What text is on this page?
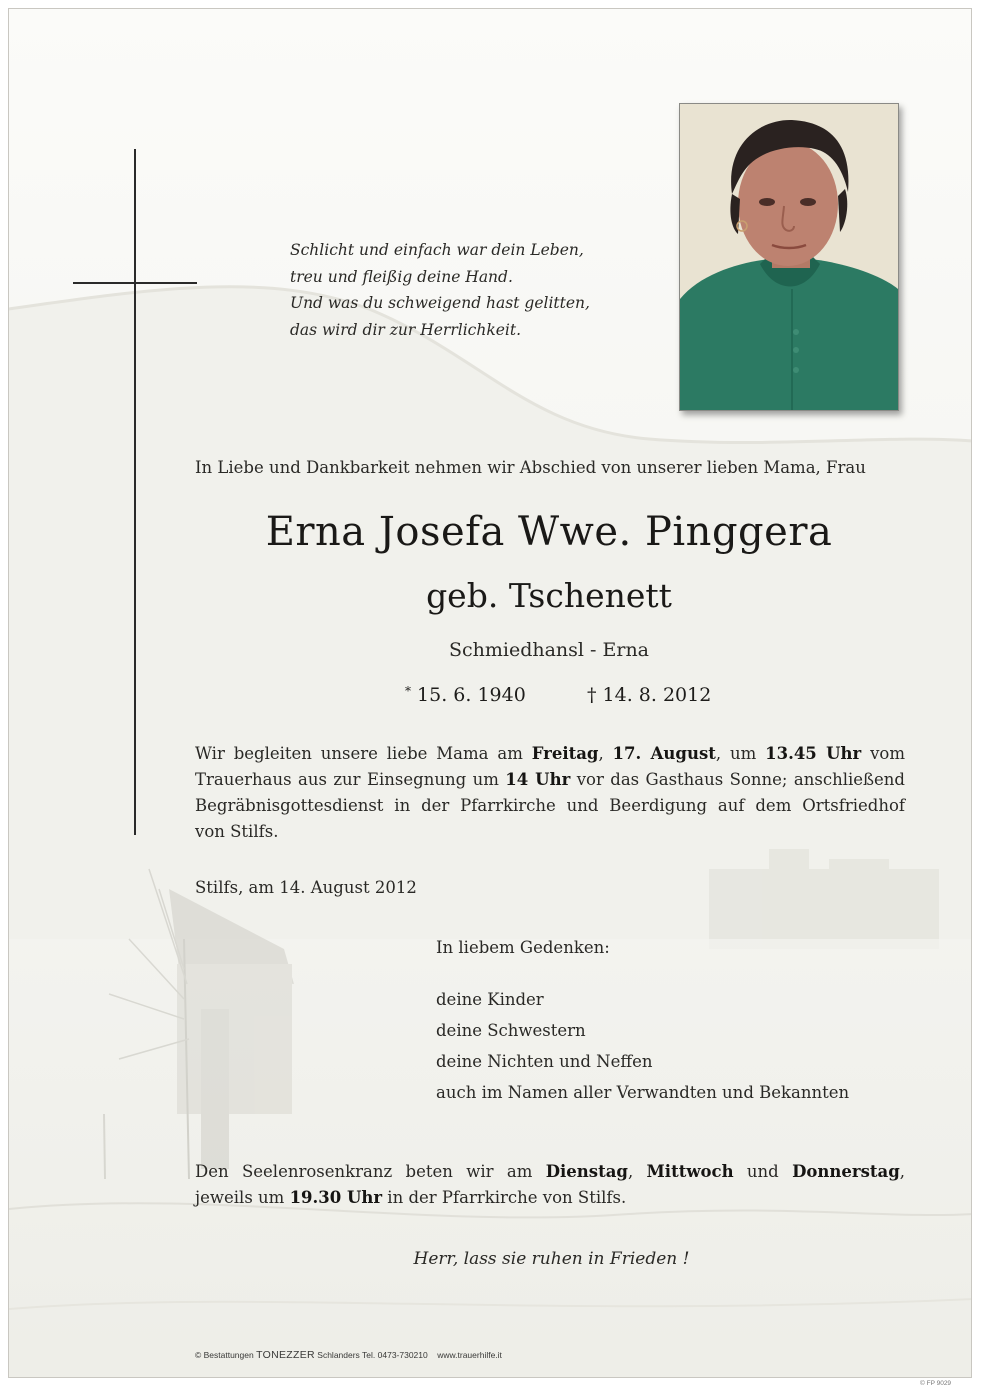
Schlicht und einfach war dein Leben,
treu und fleißig deine Hand.
Und was du schweigend hast gelitten,
das wird dir zur Herrlichkeit.
In Liebe und Dankbarkeit nehmen wir Abschied von unserer lieben Mama, Frau
Erna Josefa Wwe. Pinggera
geb. Tschenett
Schmiedhansl - Erna
* 15. 6. 1940	† 14. 8. 2012
Wir begleiten unsere liebe Mama am Freitag, 17. August, um 13.45 Uhr vom
Trauerhaus aus zur Einsegnung um 14 Uhr vor das Gasthaus Sonne; anschließend
Begräbnisgottesdienst in der Pfarrkirche und Beerdigung auf dem Ortsfriedhof
von Stilfs.
Stilfs, am 14. August 2012
In liebem Gedenken:
deine Kinder
deine Schwestern
deine Nichten und Neffen
auch im Namen aller Verwandten und Bekannten
Den Seelenrosenkranz beten wir am Dienstag, Mittwoch und Donnerstag,
jeweils um 19.30 Uhr in der Pfarrkirche von Stilfs.
Herr, lass sie ruhen in Frieden !
© Bestattungen TONEZZER Schlanders Tel. 0473-730210 www.trauerhilfe.it
© FP 9029
